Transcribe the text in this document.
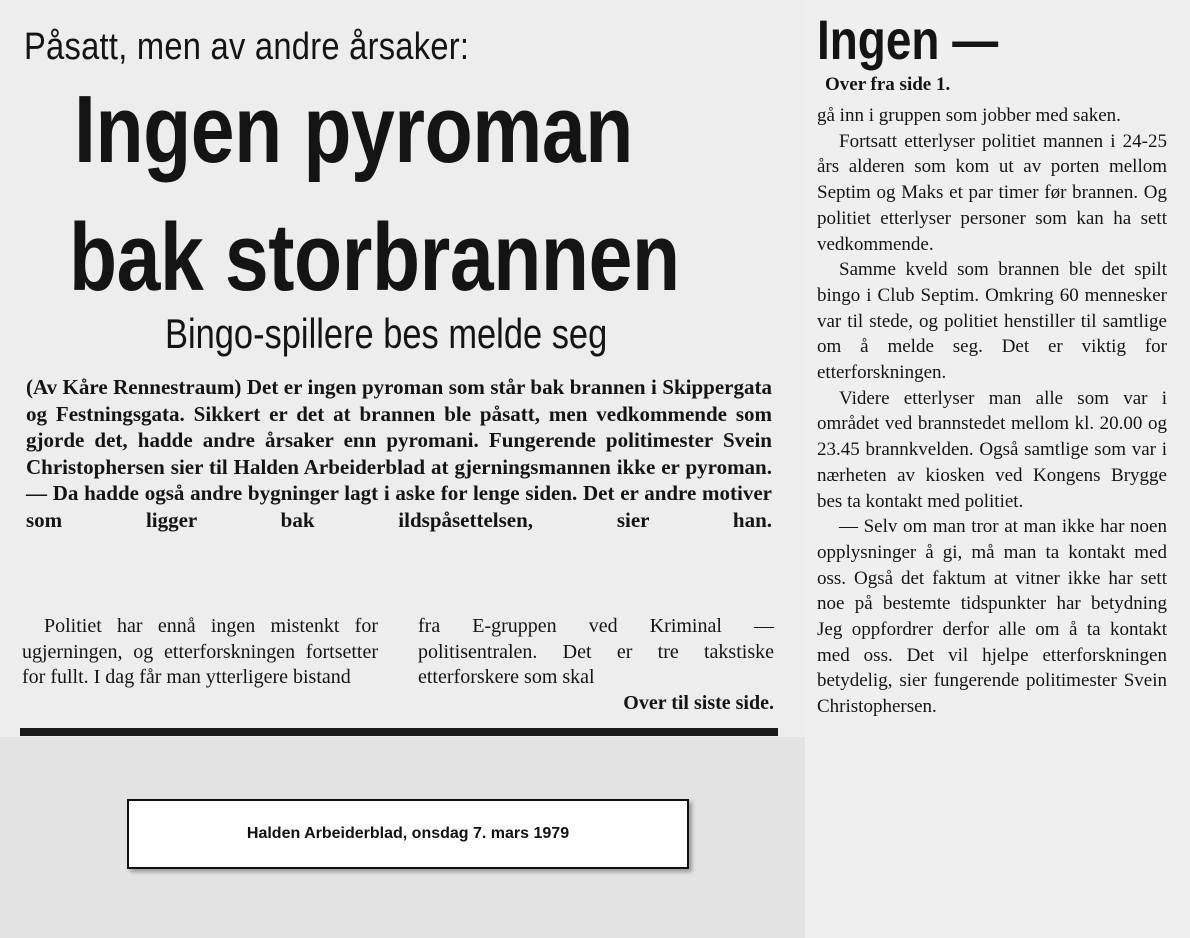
Påsatt, men av andre årsaker:
Ingen pyroman
bak storbrannen
Bingo-spillere bes melde seg

(Av Kåre Rennestraum) Det er ingen pyroman som står bak brannen i Skippergata og Festningsgata. Sikkert er det at brannen ble påsatt, men vedkommende som gjorde det, hadde andre årsaker enn pyromani. Fungerende politimester Svein Christophersen sier til Halden Arbeiderblad at gjerningsmannen ikke er pyroman. — Da hadde også andre bygninger lagt i aske for lenge siden. Det er andre motiver som ligger bak ildspåsettelsen, sier han.

Politiet har ennå ingen mistenkt for ugjerningen, og etterforskningen fortsetter for fullt. I dag får man ytterligere bistand

fra E-gruppen ved Kriminal — politisentralen. Det er tre takstiske etterforskere som skal

Over til siste side.
Halden Arbeiderblad, onsdag 7. mars 1979
Ingen —
Over fra side 1.

gå inn i gruppen som jobber med saken.

Fortsatt etterlyser politiet mannen i 24-25 års alderen som kom ut av porten mellom Septim og Maks et par timer før brannen. Og politiet etterlyser personer som kan ha sett vedkommende.

Samme kveld som brannen ble det spilt bingo i Club Septim. Omkring 60 mennesker var til stede, og politiet henstiller til samtlige om å melde seg. Det er viktig for etterforskningen.

Videre etterlyser man alle som var i området ved brannstedet mellom kl. 20.00 og 23.45 brannkvelden. Også samtlige som var i nærheten av kiosken ved Kongens Brygge bes ta kontakt med politiet.

— Selv om man tror at man ikke har noen opplysninger å gi, må man ta kontakt med oss. Også det faktum at vitner ikke har sett noe på bestemte tidspunkter har betydning Jeg oppfordrer derfor alle om å ta kontakt med oss. Det vil hjelpe etterforskningen betydelig, sier fungerende politimester Svein Christophersen.
